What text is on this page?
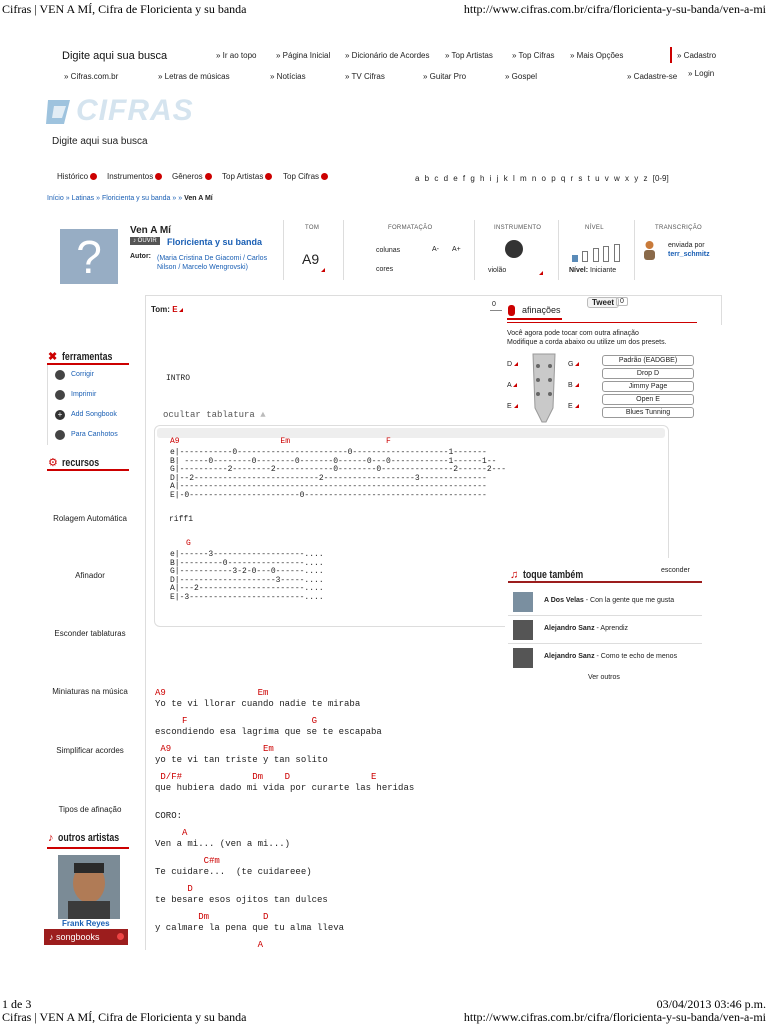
Cifras | VEN A MÍ, Cifra de Floricienta y su banda	http://www.cifras.com.br/cifra/floricienta-y-su-banda/ven-a-mi
Digite aqui sua busca	» Ir ao topo » Página Inicial » Dicionário de Acordes » Top Artistas » Top Cifras » Mais Opções	» Cadastro
» Cifras.com.br	» Letras de músicas	» Notícias	» TV Cifras	» Guitar Pro	» Gospel	» Cadastre-se » Login
CIFRAS
Digite aqui sua busca
Histórico	Instrumentos	Gêneros	Top Artistas	Top Cifras	a b c d e f g h i j k l m n o p q r s t u v w x y z [0-9]
Início » Latinas » Floricienta y su banda » » Ven A Mí
?
Ven A Mí
♪ OUVIR	Floricienta y su banda
Autor: (Maria Cristina De Giacomi / Carlos Nilson / Marcelo Wengrovski)
TOM
A9
FORMATAÇÃO
colunas	A- A+
cores
INSTRUMENTO
violão
NÍVEL

Nível: Iniciante
TRANSCRIÇÃO
enviada por
terr_schmitz
Tom: E
0
afinações
Tweet 0
Você agora pode tocar com outra afinação
Modifique a corda abaixo ou utilize um dos presets.
D
A
E
G
B
E
Padrão (EADGBE)
Drop D
Jimmy Page
Open E
Blues Tunning
✖ ferramentas
Corrigir
Imprimir
+	Add Songbook
Para Canhotos
⚙ recursos
Rolagem Automática
Afinador
Esconder tablaturas
Miniaturas na música
Simplificar acordes
Tipos de afinação
♪ outros artistas
Frank Reyes
♪ songbooks
INTRO
ocultar tablatura ▲
A9                     Em                    F
e|-----------0-----------------------0--------------------1-------
B| -----0--------0--------0-------0------0---0------------1------1--
G|----------2--------2------------0--------0---------------2------2---
D|--2--------------------------2-------------------3--------------
A|----------------------------------------------------------------
E|-0-----------------------0--------------------------------------
riff1
G
e|------3-------------------....
B|---------0----------------....
G|-----------3-2-0---0------....
D|--------------------3-----....
A|---2----------------------....
E|-3------------------------....
♫ toque também	esconder
A Dos Velas - Con la gente que me gusta
Alejandro Sanz - Aprendiz
Alejandro Sanz - Como te echo de menos
Ver outros
A9                 Em
Yo te vi llorar cuando nadie te miraba
F                       G
escondiendo esa lagrima que se te escapaba
A9                 Em
yo te vi tan triste y tan solito
D/F#             Dm    D               E
que hubiera dado mi vida por curarte las heridas
CORO:
A
Ven a mi... (ven a mi...)
C#m
Te cuidare...  (te cuidareee)
D
te besare esos ojitos tan dulces
Dm          D
y calmare la pena que tu alma lleva
A
1 de 3	03/04/2013 03:46 p.m.
Cifras | VEN A MÍ, Cifra de Floricienta y su banda	http://www.cifras.com.br/cifra/floricienta-y-su-banda/ven-a-mi
